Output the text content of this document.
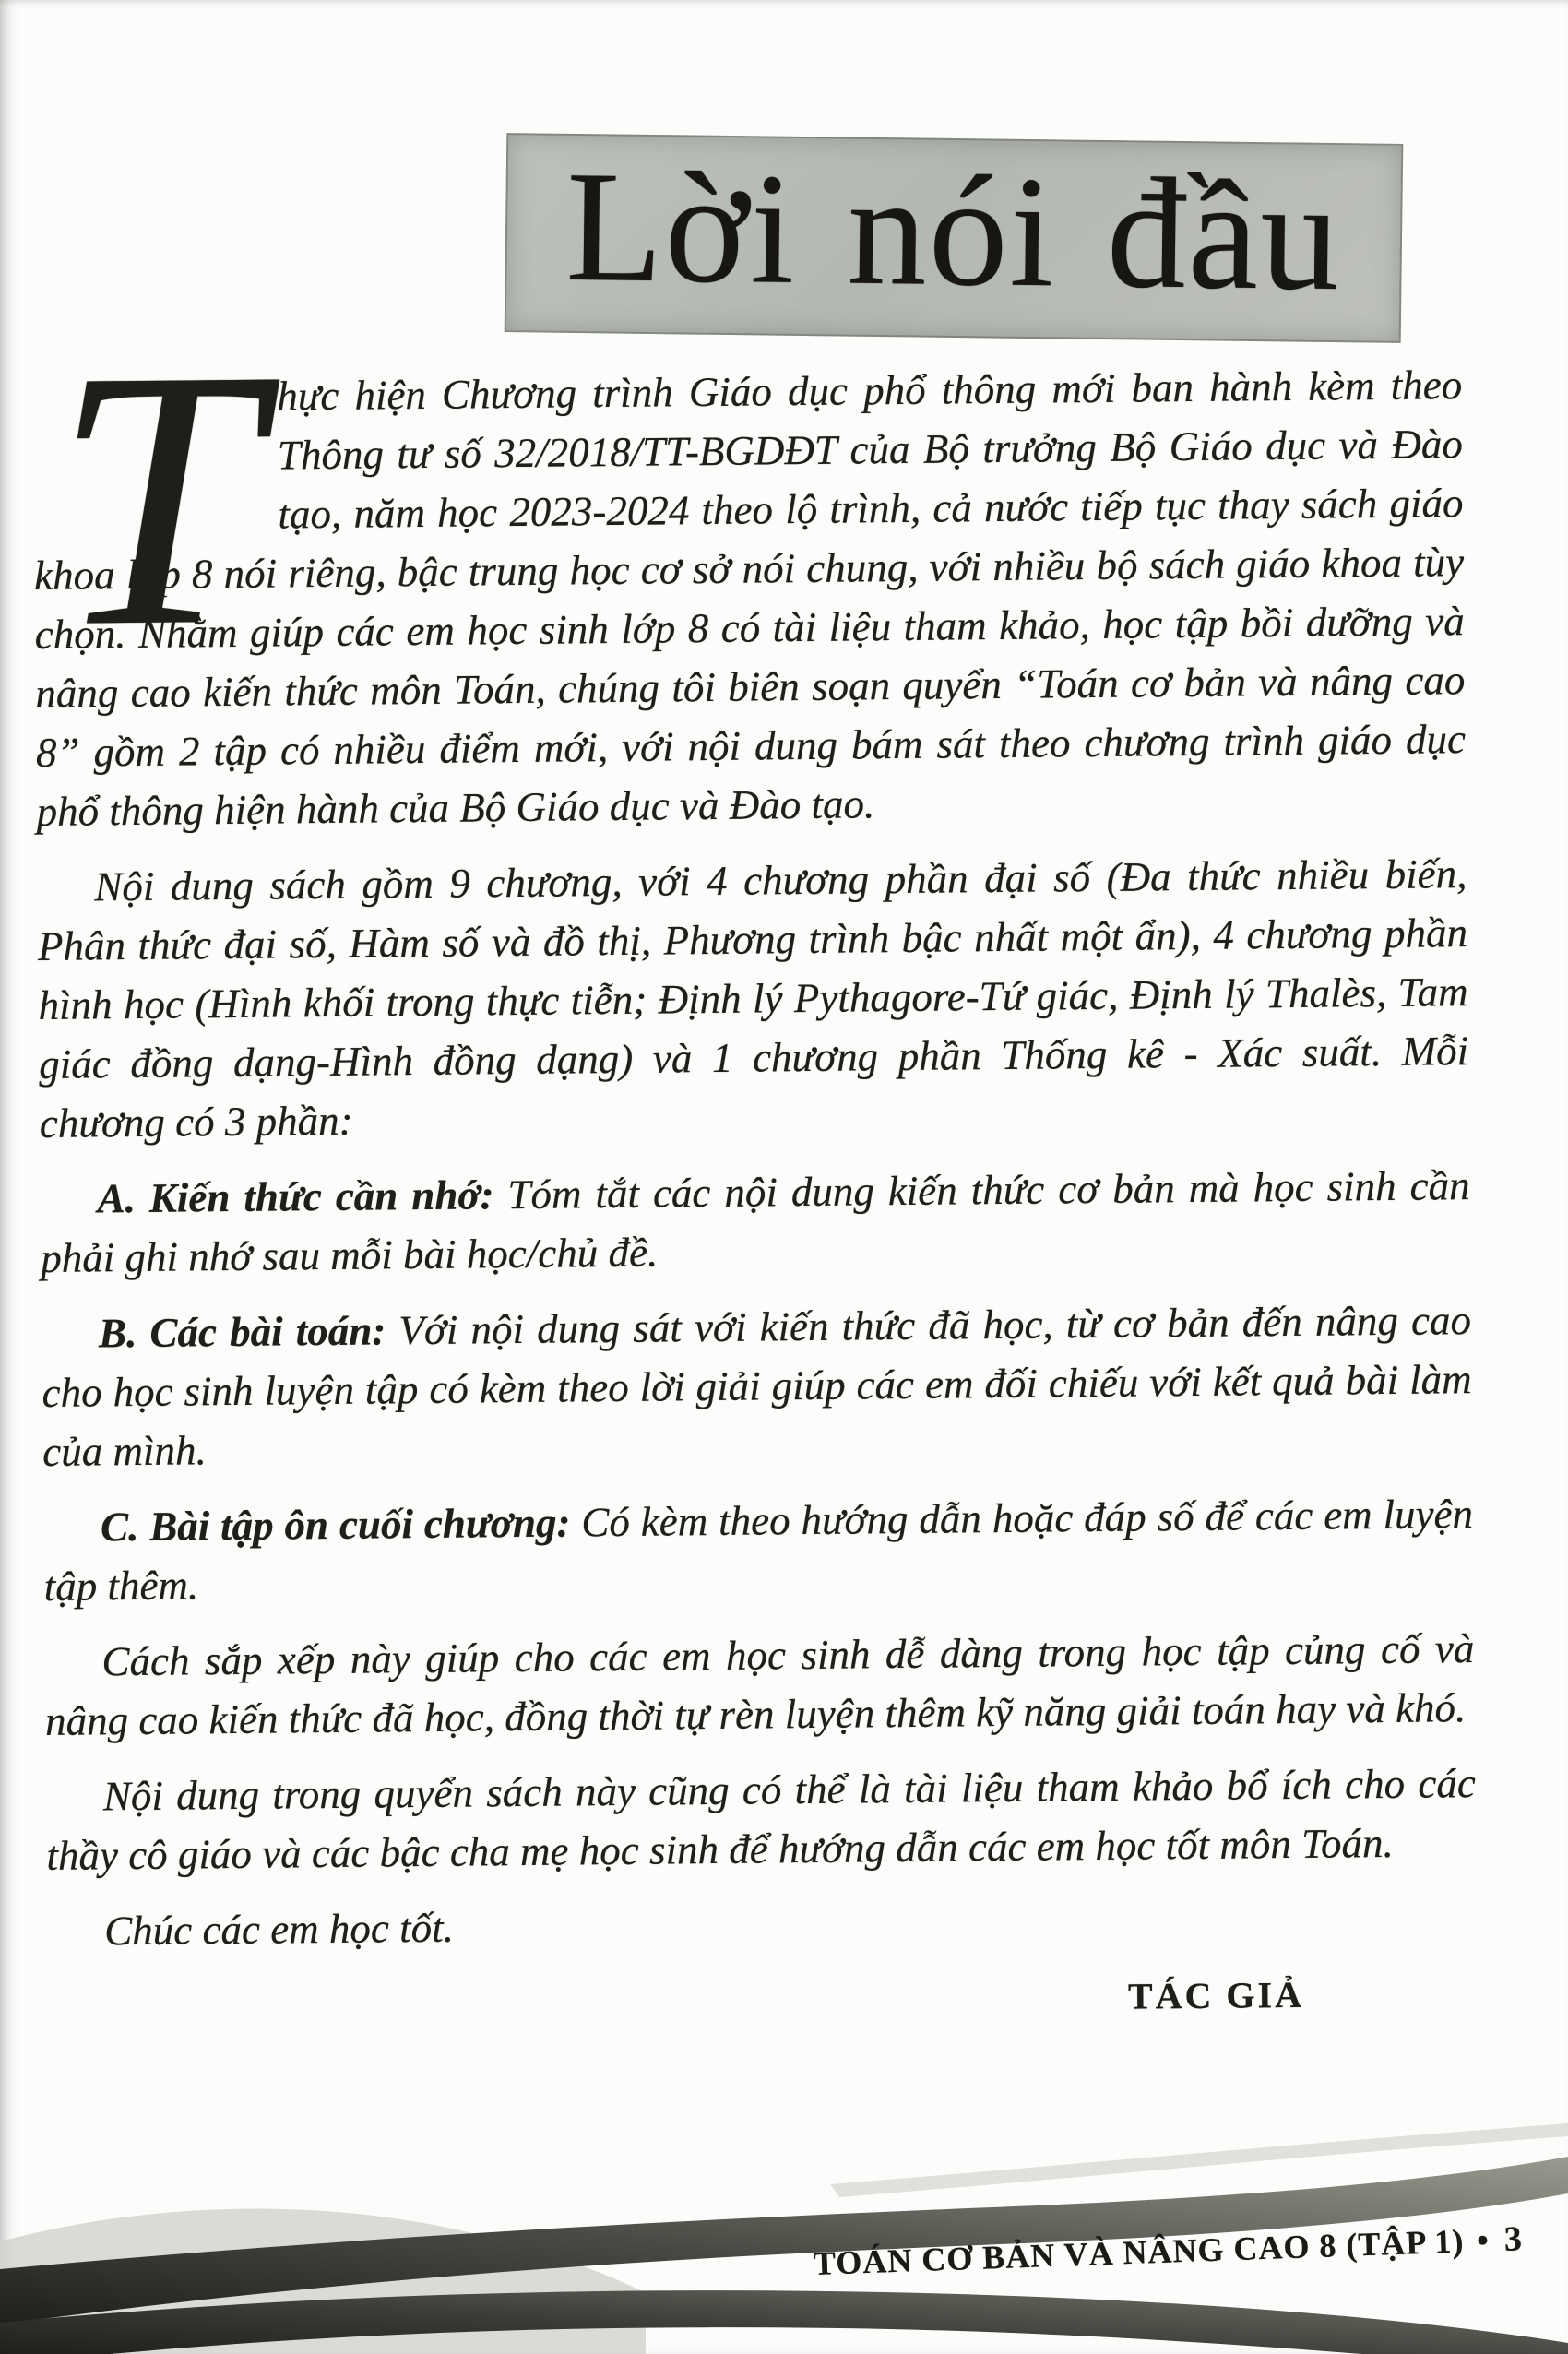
Lời nói đầu
T hực hiện Chương trình Giáo dục phổ thông mới ban hành kèm theo Thông tư số 32/2018/TT-BGDĐT của Bộ trưởng Bộ Giáo dục và Đào tạo, năm học 2023-2024 theo lộ trình, cả nước tiếp tục thay sách giáo khoa lớp 8 nói riêng, bậc trung học cơ sở nói chung, với nhiều bộ sách giáo khoa tùy chọn. Nhằm giúp các em học sinh lớp 8 có tài liệu tham khảo, học tập bồi dưỡng và nâng cao kiến thức môn Toán, chúng tôi biên soạn quyển “Toán cơ bản và nâng cao 8” gồm 2 tập có nhiều điểm mới, với nội dung bám sát theo chương trình giáo dục phổ thông hiện hành của Bộ Giáo dục và Đào tạo.

Nội dung sách gồm 9 chương, với 4 chương phần đại số (Đa thức nhiều biến, Phân thức đại số, Hàm số và đồ thị, Phương trình bậc nhất một ẩn), 4 chương phần hình học (Hình khối trong thực tiễn; Định lý Pythagore-Tứ giác, Định lý Thalès, Tam giác đồng dạng-Hình đồng dạng) và 1 chương phần Thống kê - Xác suất. Mỗi chương có 3 phần:

A. Kiến thức cần nhớ: Tóm tắt các nội dung kiến thức cơ bản mà học sinh cần phải ghi nhớ sau mỗi bài học/chủ đề.

B. Các bài toán: Với nội dung sát với kiến thức đã học, từ cơ bản đến nâng cao cho học sinh luyện tập có kèm theo lời giải giúp các em đối chiếu với kết quả bài làm của mình.

C. Bài tập ôn cuối chương: Có kèm theo hướng dẫn hoặc đáp số để các em luyện tập thêm.

Cách sắp xếp này giúp cho các em học sinh dễ dàng trong học tập củng cố và nâng cao kiến thức đã học, đồng thời tự rèn luyện thêm kỹ năng giải toán hay và khó.

Nội dung trong quyển sách này cũng có thể là tài liệu tham khảo bổ ích cho các thầy cô giáo và các bậc cha mẹ học sinh để hướng dẫn các em học tốt môn Toán.

Chúc các em học tốt.

TÁC GIẢ
TOÁN CƠ BẢN VÀ NÂNG CAO 8 (TẬP 1) • 3
